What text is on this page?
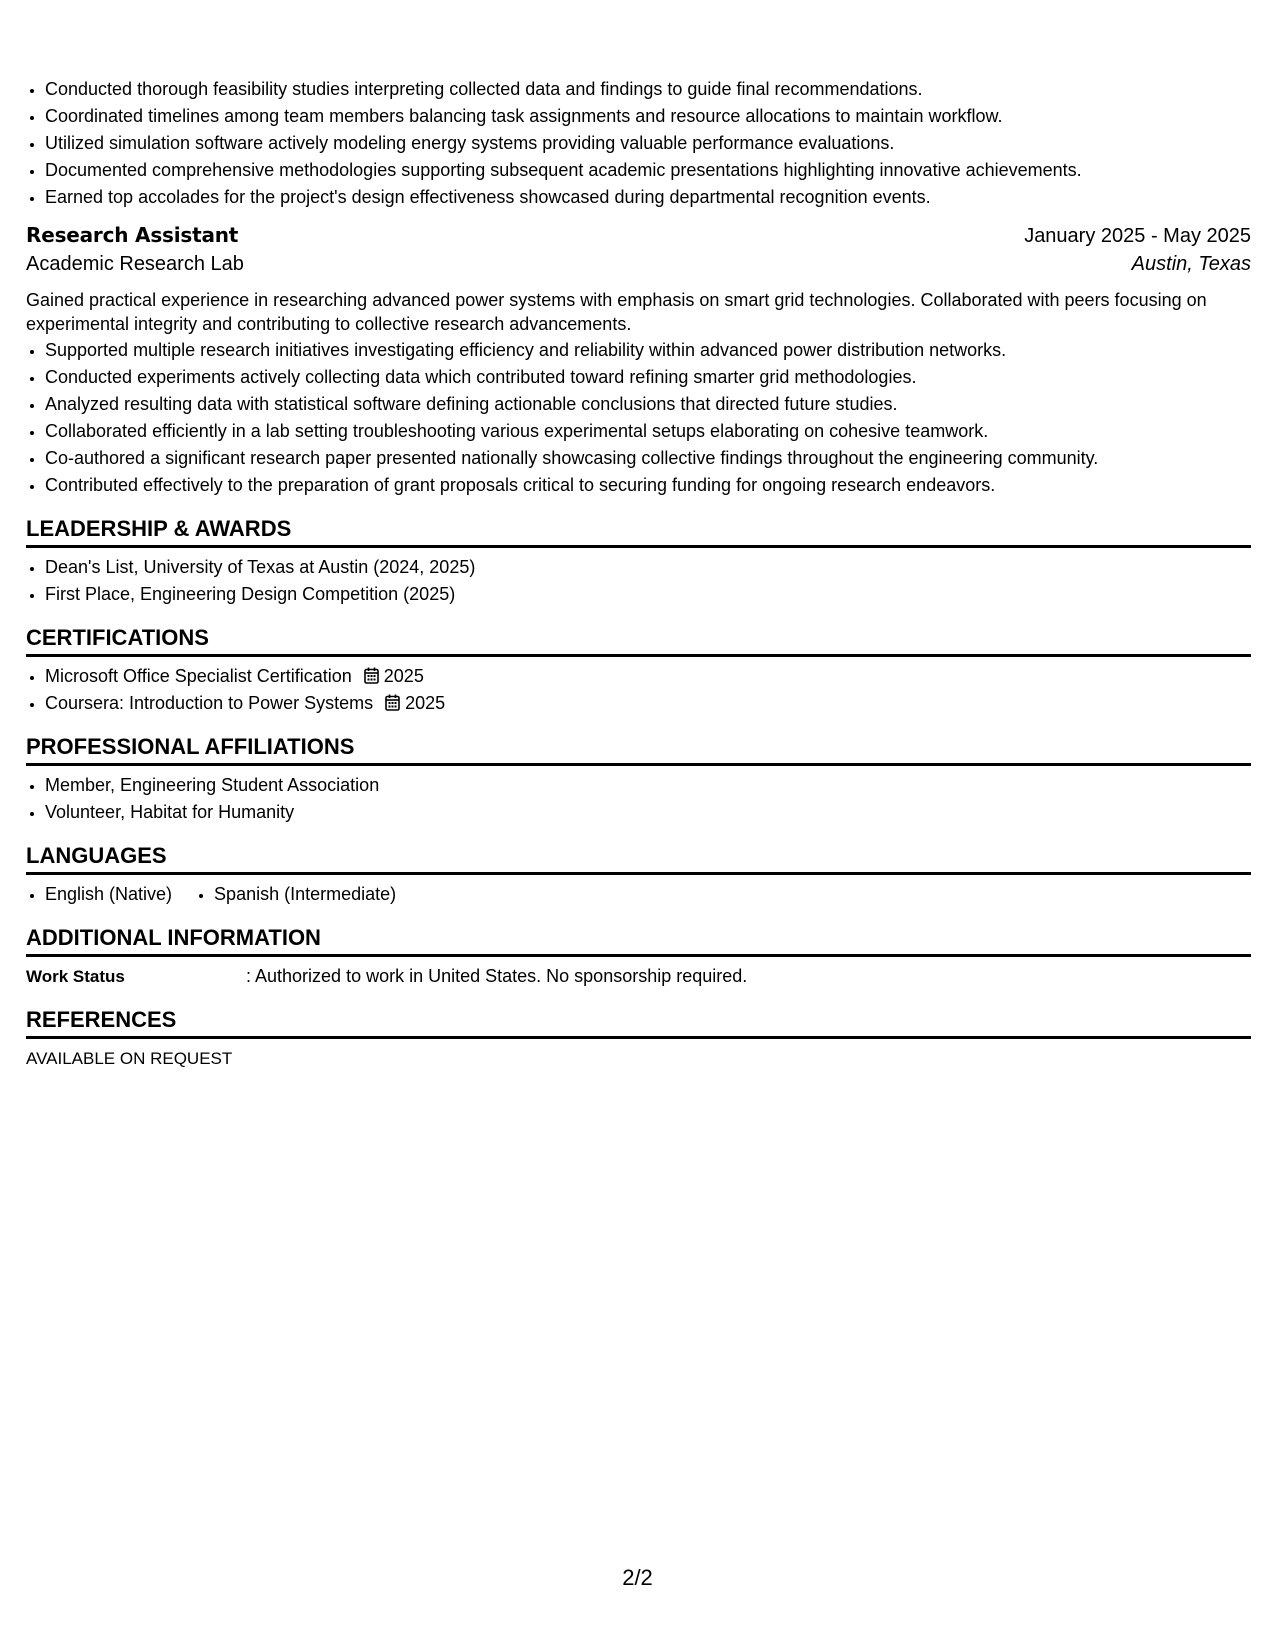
• Conducted thorough feasibility studies interpreting collected data and findings to guide final recommendations.
• Coordinated timelines among team members balancing task assignments and resource allocations to maintain workflow.
• Utilized simulation software actively modeling energy systems providing valuable performance evaluations.
• Documented comprehensive methodologies supporting subsequent academic presentations highlighting innovative achievements.
• Earned top accolades for the project's design effectiveness showcased during departmental recognition events.
Research Assistant	January 2025 - May 2025
Academic Research Lab	Austin, Texas
Gained practical experience in researching advanced power systems with emphasis on smart grid technologies. Collaborated with peers focusing on experimental integrity and contributing to collective research advancements.
• Supported multiple research initiatives investigating efficiency and reliability within advanced power distribution networks.
• Conducted experiments actively collecting data which contributed toward refining smarter grid methodologies.
• Analyzed resulting data with statistical software defining actionable conclusions that directed future studies.
• Collaborated efficiently in a lab setting troubleshooting various experimental setups elaborating on cohesive teamwork.
• Co-authored a significant research paper presented nationally showcasing collective findings throughout the engineering community.
• Contributed effectively to the preparation of grant proposals critical to securing funding for ongoing research endeavors.
LEADERSHIP & AWARDS
• Dean's List, University of Texas at Austin (2024, 2025)
• First Place, Engineering Design Competition (2025)
CERTIFICATIONS
• Microsoft Office Specialist Certification 2025
• Coursera: Introduction to Power Systems 2025
PROFESSIONAL AFFILIATIONS
• Member, Engineering Student Association
• Volunteer, Habitat for Humanity
LANGUAGES
• English (Native)
• Spanish (Intermediate)
ADDITIONAL INFORMATION
Work Status	: Authorized to work in United States. No sponsorship required.
REFERENCES
AVAILABLE ON REQUEST
2/2
